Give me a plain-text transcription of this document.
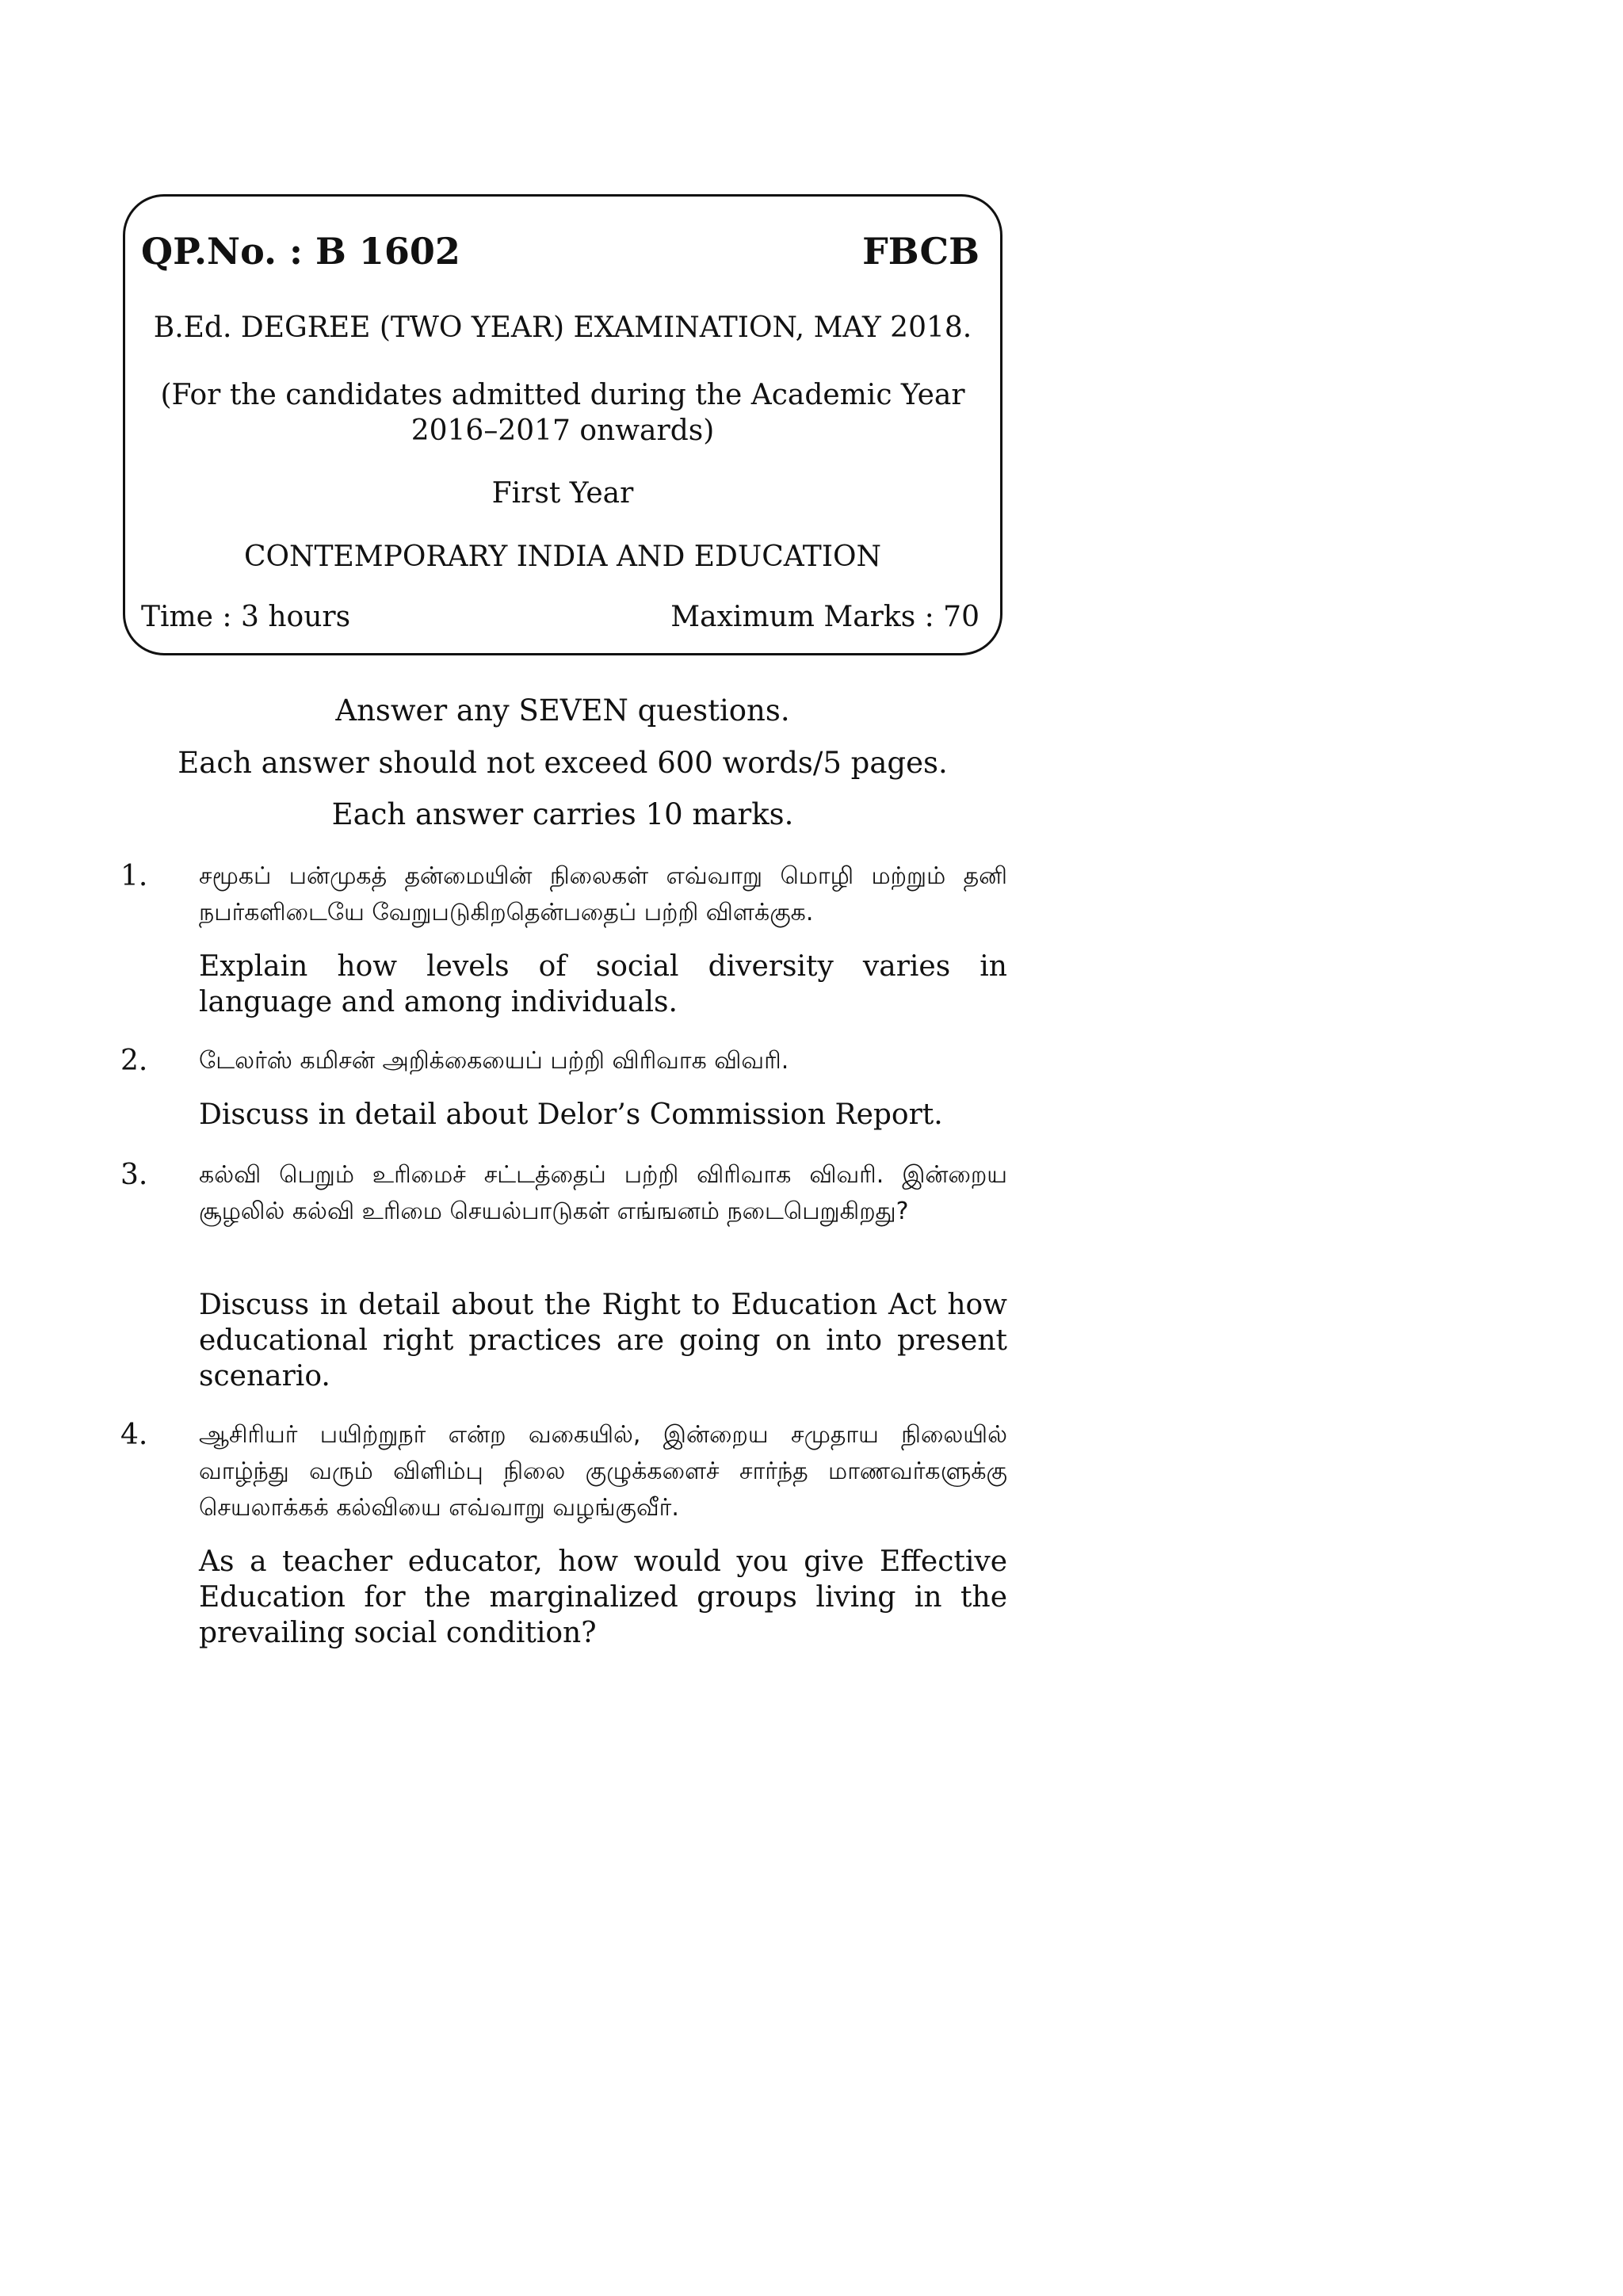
QP.No. : B 1602	FBCB
B.Ed. DEGREE (TWO YEAR) EXAMINATION, MAY 2018.
(For the candidates admitted during the Academic Year
2016–2017 onwards)
First Year
CONTEMPORARY INDIA AND EDUCATION
Time : 3 hours	Maximum Marks : 70
Answer any SEVEN questions.
Each answer should not exceed 600 words/5 pages.
Each answer carries 10 marks.
1. சமூகப் பன்முகத் தன்மையின் நிலைகள் எவ்வாறு மொழி மற்றும் தனி நபர்களிடையே வேறுபடுகிறதென்பதைப் பற்றி விளக்குக.
Explain how levels of social diversity varies in language and among individuals.
2. டேலர்ஸ் கமிசன் அறிக்கையைப் பற்றி விரிவாக விவரி.
Discuss in detail about Delor’s Commission Report.
3. கல்வி பெறும் உரிமைச் சட்டத்தைப் பற்றி விரிவாக விவரி. இன்றைய சூழலில் கல்வி உரிமை செயல்பாடுகள் எங்ஙனம் நடைபெறுகிறது?
Discuss in detail about the Right to Education Act how educational right practices are going on into present scenario.
4. ஆசிரியர் பயிற்றுநர் என்ற வகையில், இன்றைய சமுதாய நிலையில் வாழ்ந்து வரும் விளிம்பு நிலை குழுக்களைச் சார்ந்த மாணவர்களுக்கு செயலாக்கக் கல்வியை எவ்வாறு வழங்குவீர்.
As a teacher educator, how would you give Effective Education for the marginalized groups living in the prevailing social condition?
